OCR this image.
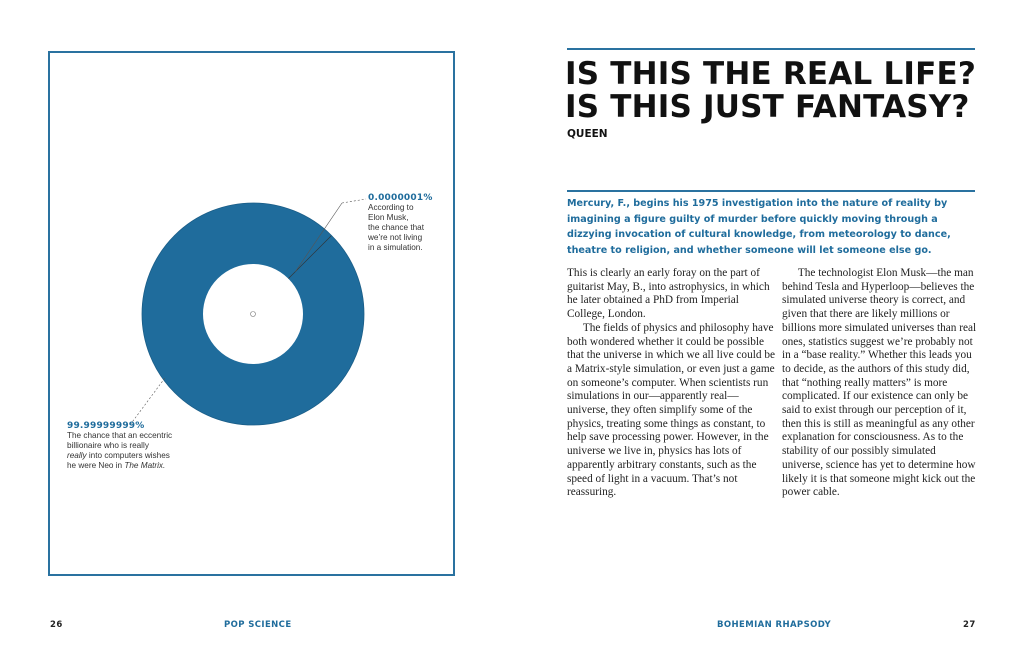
0.0000001%
According to
Elon Musk,
the chance that
we’re not living
in a simulation.
99.99999999%
The chance that an eccentric
billionaire who is really
really into computers wishes
he were Neo in The Matrix.
IS THIS THE REAL LIFE?
IS THIS JUST FANTASY?
QUEEN
Mercury, F., begins his 1975 investigation into the nature of reality by imagining a figure guilty of murder before quickly moving through a dizzying invocation of cultural knowledge, from meteorology to dance, theatre to religion, and whether someone will let someone else go.

This is clearly an early foray on the part of guitarist May, B., into astrophysics, in which he later obtained a PhD from Imperial College, London.

The fields of physics and philosophy have both wondered whether it could be possible that the universe in which we all live could be a Matrix-style simulation, or even just a game on someone’s computer. When scientists run simulations in our—apparently real—universe, they often simplify some of the physics, treating some things as constant, to help save processing power. However, in the universe we live in, physics has lots of apparently arbitrary constants, such as the speed of light in a vacuum. That’s not reassuring.

The technologist Elon Musk—the man behind Tesla and Hyperloop—believes the simulated universe theory is correct, and given that there are likely millions or billions more simulated universes than real ones, statistics suggest we’re probably not in a “base reality.” Whether this leads you to decide, as the authors of this study did, that “nothing really matters” is more complicated. If our existence can only be said to exist through our perception of it, then this is still as meaningful as any other explanation for consciousness. As to the stability of our possibly simulated universe, science has yet to determine how likely it is that someone might kick out the power cable.

26	POP SCIENCE	BOHEMIAN RHAPSODY	27
